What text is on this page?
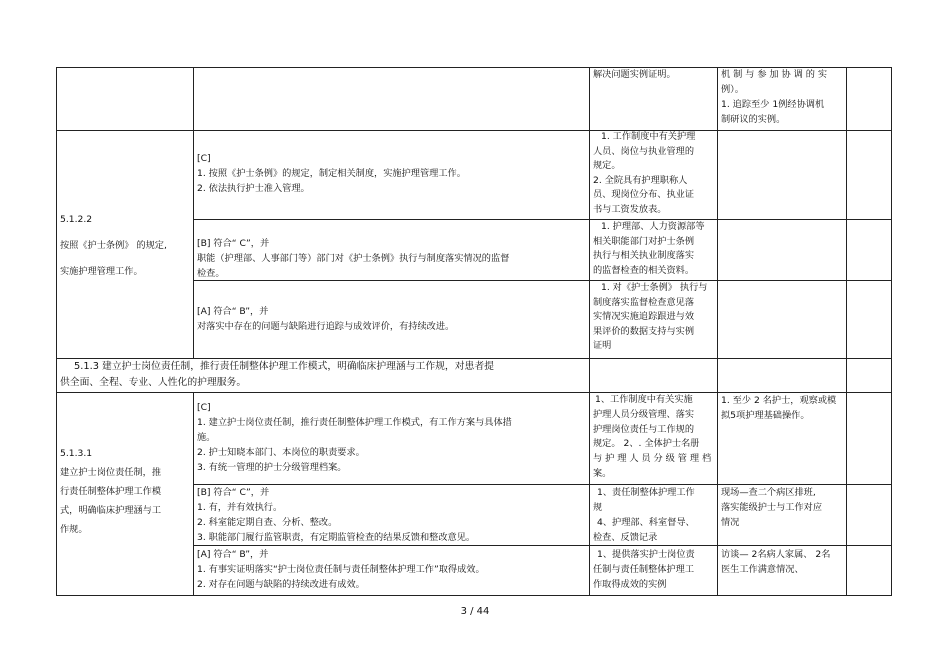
解决问题实例证明。	机 制 与 参 加 协 调 的 实
例）。
1. 追踪至少 1例经协调机
制研议的实例。
5.1.2.2
按照《护士条例》 的规定,
实施护理管理工作。
[C]
1. 按照《护士条例》的规定，制定相关制度，实施护理管理工作。
2. 依法执行护士准入管理。
1. 工作制度中有关护理
人员、岗位与执业管理的
规定。
2. 全院具有护理职称人
员、现岗位分布、执业证
书与工资发放表。
[B] 符合“ C”，并
职能（护理部、人事部门等）部门对《护士条例》执行与制度落实情况的监督
检查。
1. 护理部、人力资源部等
相关职能部门对护士条例
执行与相关执业制度落实
的监督检查的相关资料。
[A] 符合“ B”，并
对落实中存在的问题与缺陷进行追踪与成效评价，有持续改进。
1. 对《护士条例》 执行与
制度落实监督检查意见落
实情况实施追踪跟进与效
果评价的数据支持与实例
证明
5.1.3 建立护士岗位责任制，推行责任制整体护理工作模式，明确临床护理涵与工作规，对患者提
供全面、全程、专业、人性化的护理服务。
5.1.3.1
建立护士岗位责任制，推
行责任制整体护理工作模
式，明确临床护理涵与工
作规。
[C]
1. 建立护士岗位责任制，推行责任制整体护理工作模式，有工作方案与具体措
施。
2. 护士知晓本部门、本岗位的职责要求。
3. 有统一管理的护士分级管理档案。
1、工作制度中有关实施
护理人员分级管理、落实
护理岗位责任与工作规的
规定。 2、. 全体护士名册
与 护 理 人 员 分 级 管 理 档
案。
1. 至少 2 名护士，观察或模
拟5项护理基础操作。
[B] 符合“ C”，并
1. 有，并有效执行。
2. 科室能定期自查、分析、整改。
3. 职能部门履行监管职责，有定期监管检查的结果反馈和整改意见。
1、责任制整体护理工作
规
4、护理部、科室督导、
检查、反馈记录
现场—查二个病区排班,
落实能级护士与工作对应
情况
[A] 符合“ B”，并
1. 有事实证明落实“护士岗位责任制与责任制整体护理工作”取得成效。
2. 对存在问题与缺陷的持续改进有成效。
1、提供落实护士岗位责
任制与责任制整体护理工
作取得成效的实例
访谈— 2名病人家属、 2名
医生工作满意情况、
3 / 44
